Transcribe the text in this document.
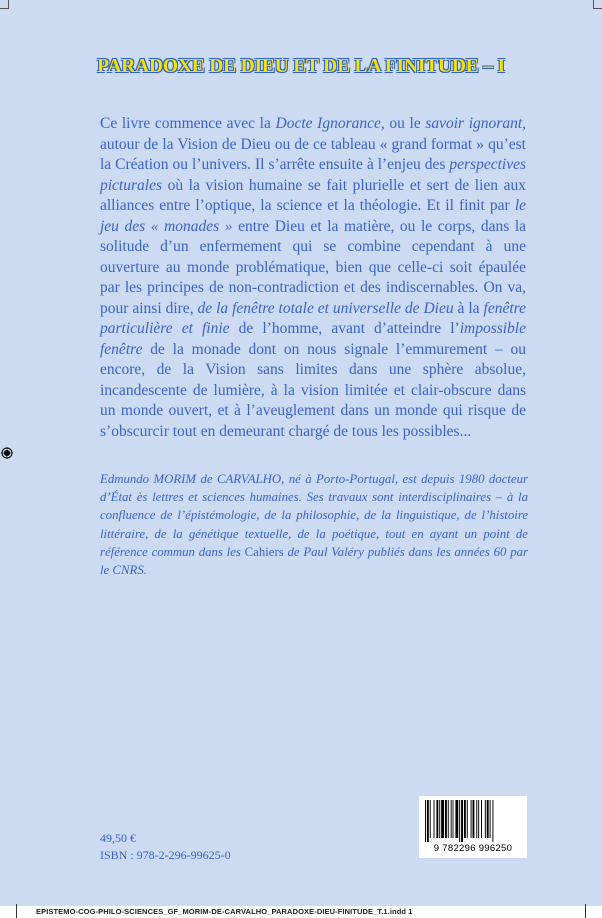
PARADOXE DE DIEU ET DE LA FINITUDE – I

Ce livre commence avec la Docte Ignorance, ou le savoir ignorant, autour de la Vision de Dieu ou de ce tableau « grand format » qu’est la Création ou l’univers. Il s’arrête ensuite à l’enjeu des perspectives picturales où la vision humaine se fait plurielle et sert de lien aux alliances entre l’optique, la science et la théologie. Et il finit par le jeu des « monades » entre Dieu et la matière, ou le corps, dans la solitude d’un enfermement qui se combine cependant à une ouverture au monde problématique, bien que celle-ci soit épaulée par les principes de non-contradiction et des indiscernables. On va, pour ainsi dire, de la fenêtre totale et universelle de Dieu à la fenêtre particulière et finie de l’homme, avant d’atteindre l’impossible fenêtre de la monade dont on nous signale l’emmurement – ou encore, de la Vision sans limites dans une sphère absolue, incandescente de lumière, à la vision limitée et clair-obscure dans un monde ouvert, et à l’aveuglement dans un monde qui risque de s’obscurcir tout en demeurant chargé de tous les possibles...

Edmundo MORIM de CARVALHO, né à Porto-Portugal, est depuis 1980 docteur d’État ès lettres et sciences humaines. Ses travaux sont interdisciplinaires – à la confluence de l’épistémologie, de la philosophie, de la linguistique, de l’histoire littéraire, de la génétique textuelle, de la poétique, tout en ayant un point de référence commun dans les Cahiers de Paul Valéry publiés dans les années 60 par le CNRS.

49,50 €
ISBN : 978-2-296-99625-0	9 782296 996250
EPISTEMO-COG-PHILO-SCIENCES_GF_MORIM-DE-CARVALHO_PARADOXE-DIEU-FINITUDE_T.1.indd 1
